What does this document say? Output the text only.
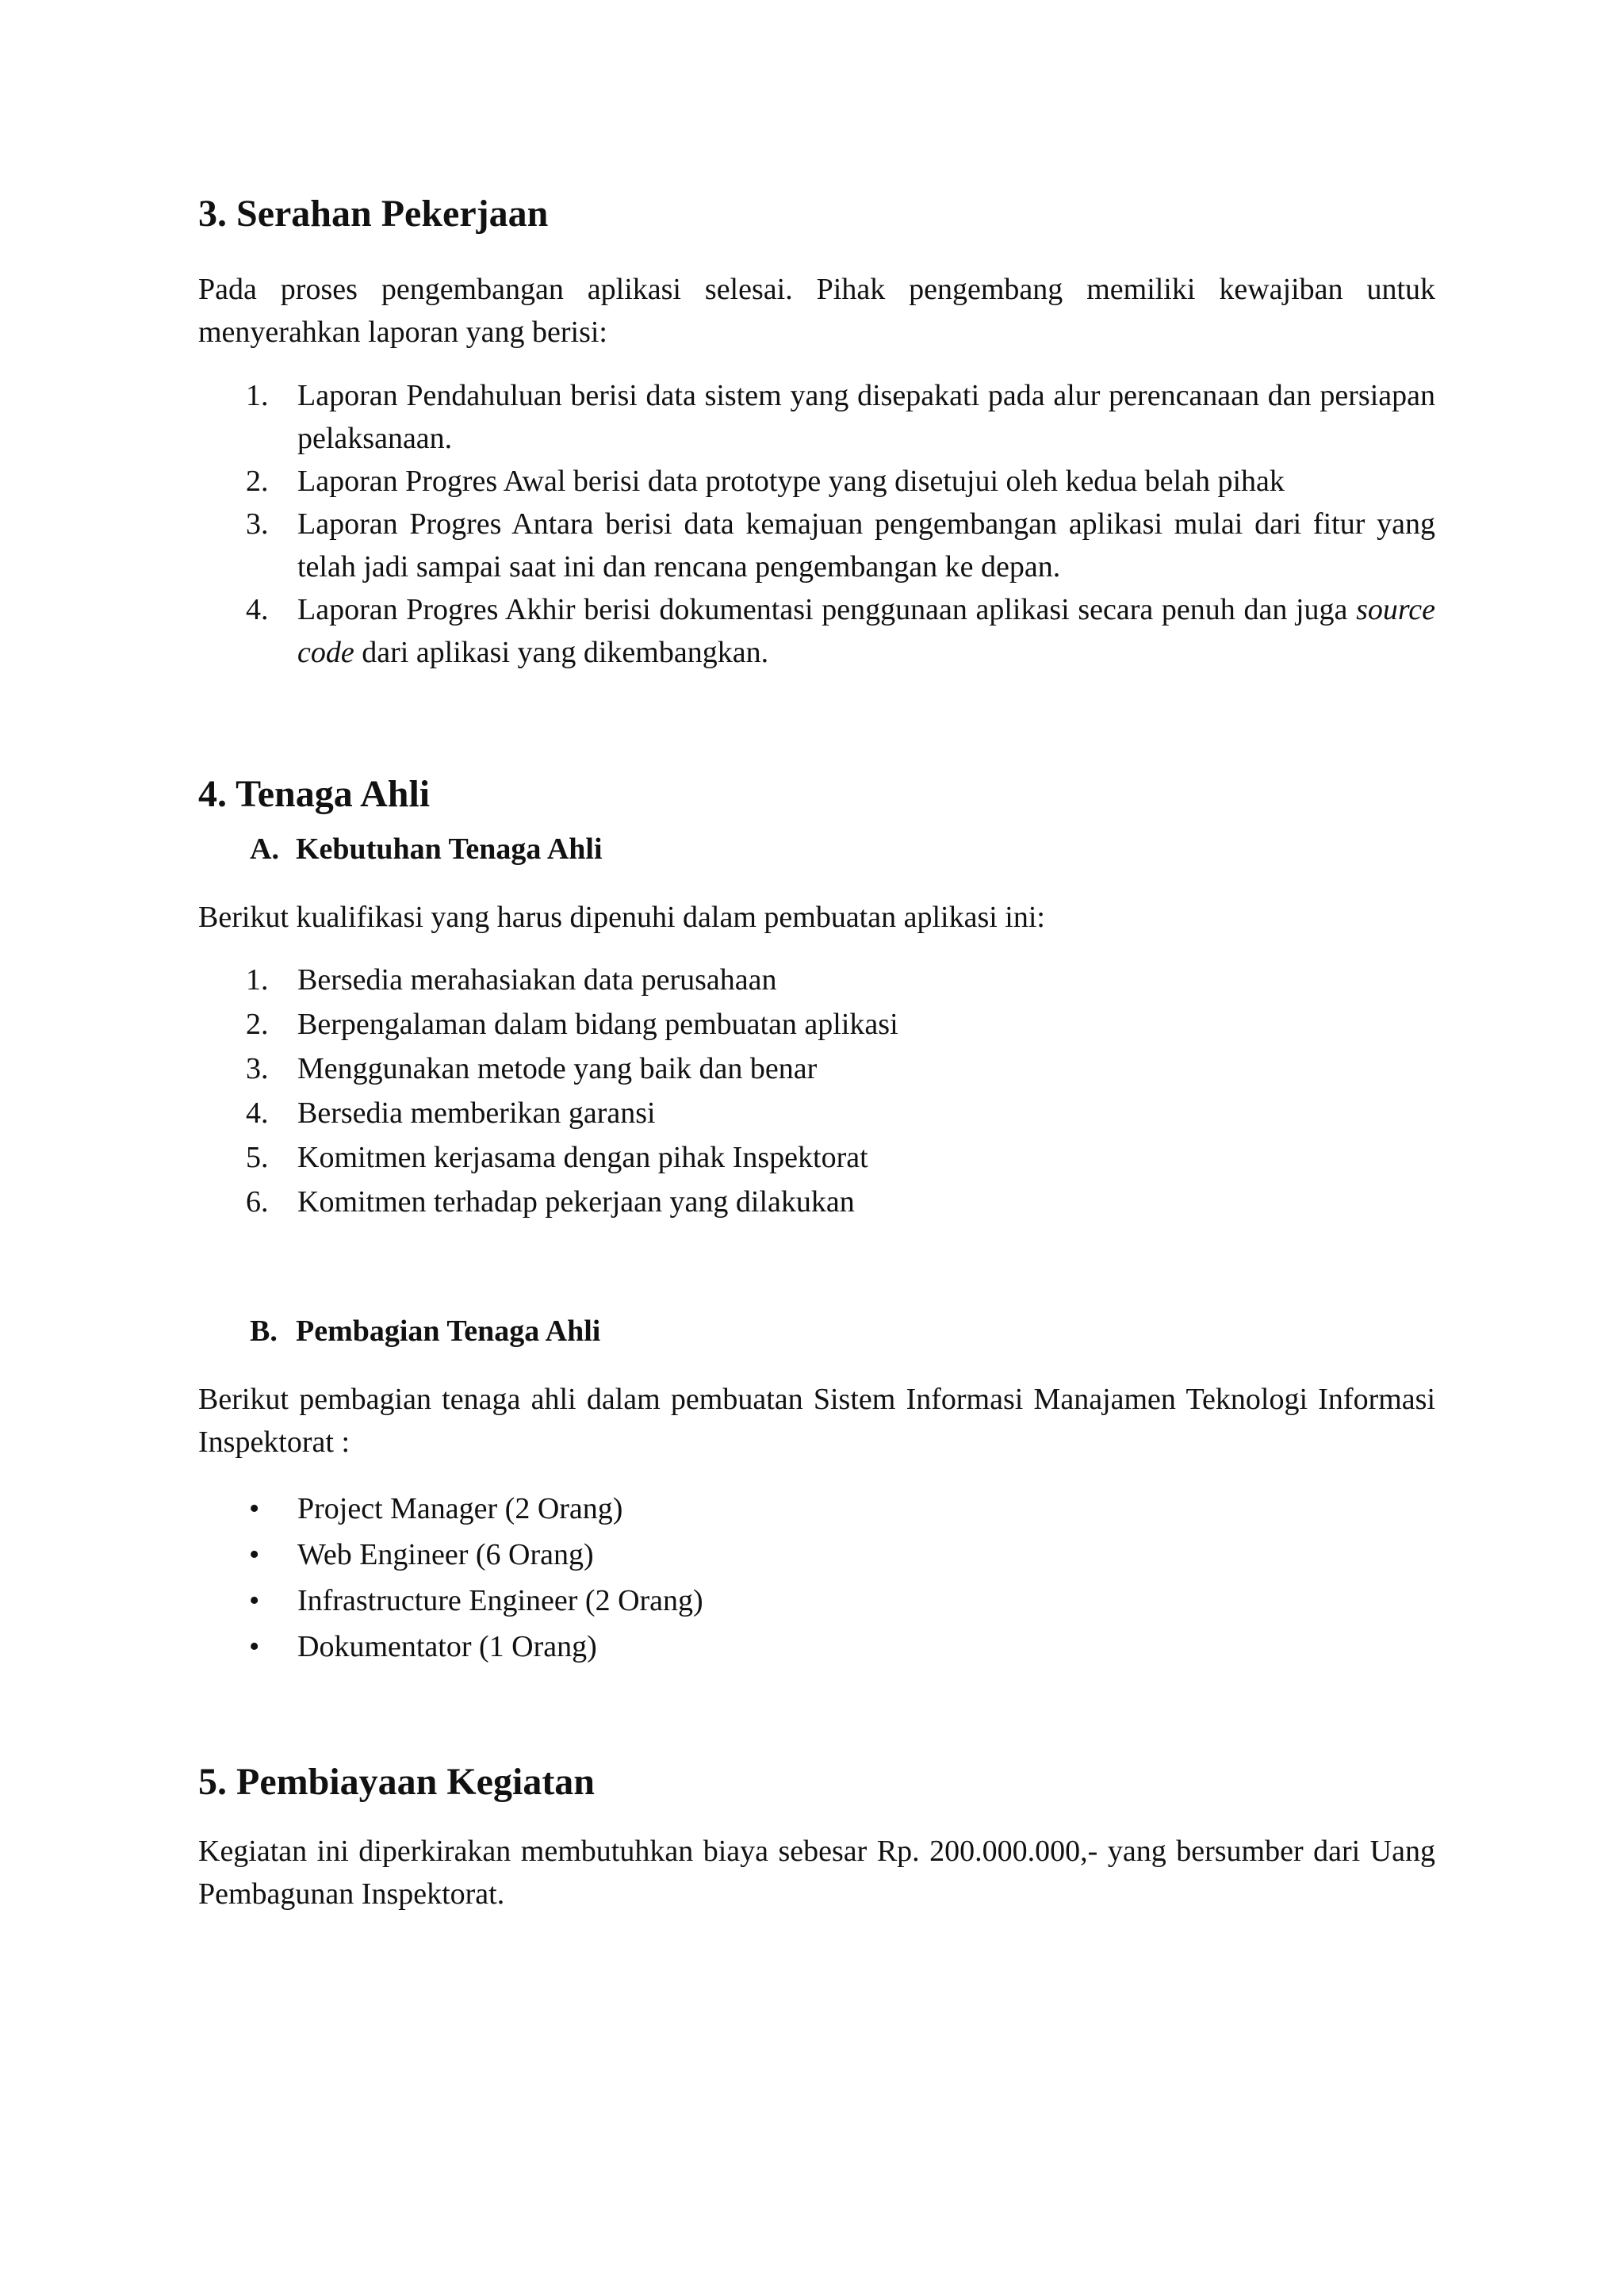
3. Serahan Pekerjaan

Pada proses pengembangan aplikasi selesai. Pihak pengembang memiliki kewajiban untuk menyerahkan laporan yang berisi:

1. Laporan Pendahuluan berisi data sistem yang disepakati pada alur perencanaan dan persiapan pelaksanaan.
2. Laporan Progres Awal berisi data prototype yang disetujui oleh kedua belah pihak
3. Laporan Progres Antara berisi data kemajuan pengembangan aplikasi mulai dari fitur yang telah jadi sampai saat ini dan rencana pengembangan ke depan.
4. Laporan Progres Akhir berisi dokumentasi penggunaan aplikasi secara penuh dan juga source code dari aplikasi yang dikembangkan.
4. Tenaga Ahli
A. Kebutuhan Tenaga Ahli

Berikut kualifikasi yang harus dipenuhi dalam pembuatan aplikasi ini:

1. Bersedia merahasiakan data perusahaan
2. Berpengalaman dalam bidang pembuatan aplikasi
3. Menggunakan metode yang baik dan benar
4. Bersedia memberikan garansi
5. Komitmen kerjasama dengan pihak Inspektorat
6. Komitmen terhadap pekerjaan yang dilakukan
B. Pembagian Tenaga Ahli

Berikut pembagian tenaga ahli dalam pembuatan Sistem Informasi Manajamen Teknologi Informasi Inspektorat :

• Project Manager (2 Orang)
• Web Engineer (6 Orang)
• Infrastructure Engineer (2 Orang)
• Dokumentator (1 Orang)
5. Pembiayaan Kegiatan

Kegiatan ini diperkirakan membutuhkan biaya sebesar Rp. 200.000.000,- yang bersumber dari Uang Pembagunan Inspektorat.
